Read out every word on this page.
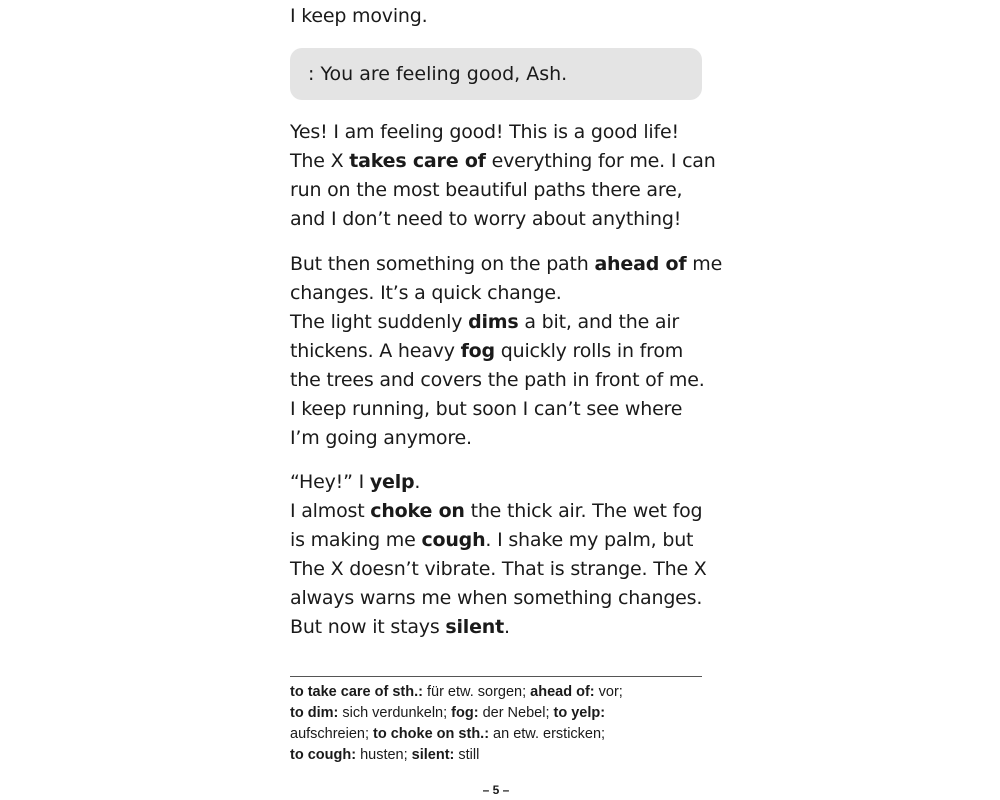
I keep moving.
: You are feeling good, Ash.
Yes! I am feeling good! This is a good life!
The X takes care of everything for me. I can
run on the most beautiful paths there are,
and I don’t need to worry about anything!
But then something on the path ahead of me
changes. It’s a quick change.
The light suddenly dims a bit, and the air
thickens. A heavy fog quickly rolls in from
the trees and covers the path in front of me.
I keep running, but soon I can’t see where
I’m going anymore.
“Hey!” I yelp.
I almost choke on the thick air. The wet fog
is making me cough. I shake my palm, but
The X doesn’t vibrate. That is strange. The X
always warns me when something changes.
But now it stays silent.
to take care of sth.: für etw. sorgen; ahead of: vor;
to dim: sich verdunkeln; fog: der Nebel; to yelp:
aufschreien; to choke on sth.: an etw. ersticken;
to cough: husten; silent: still
– 5 –
